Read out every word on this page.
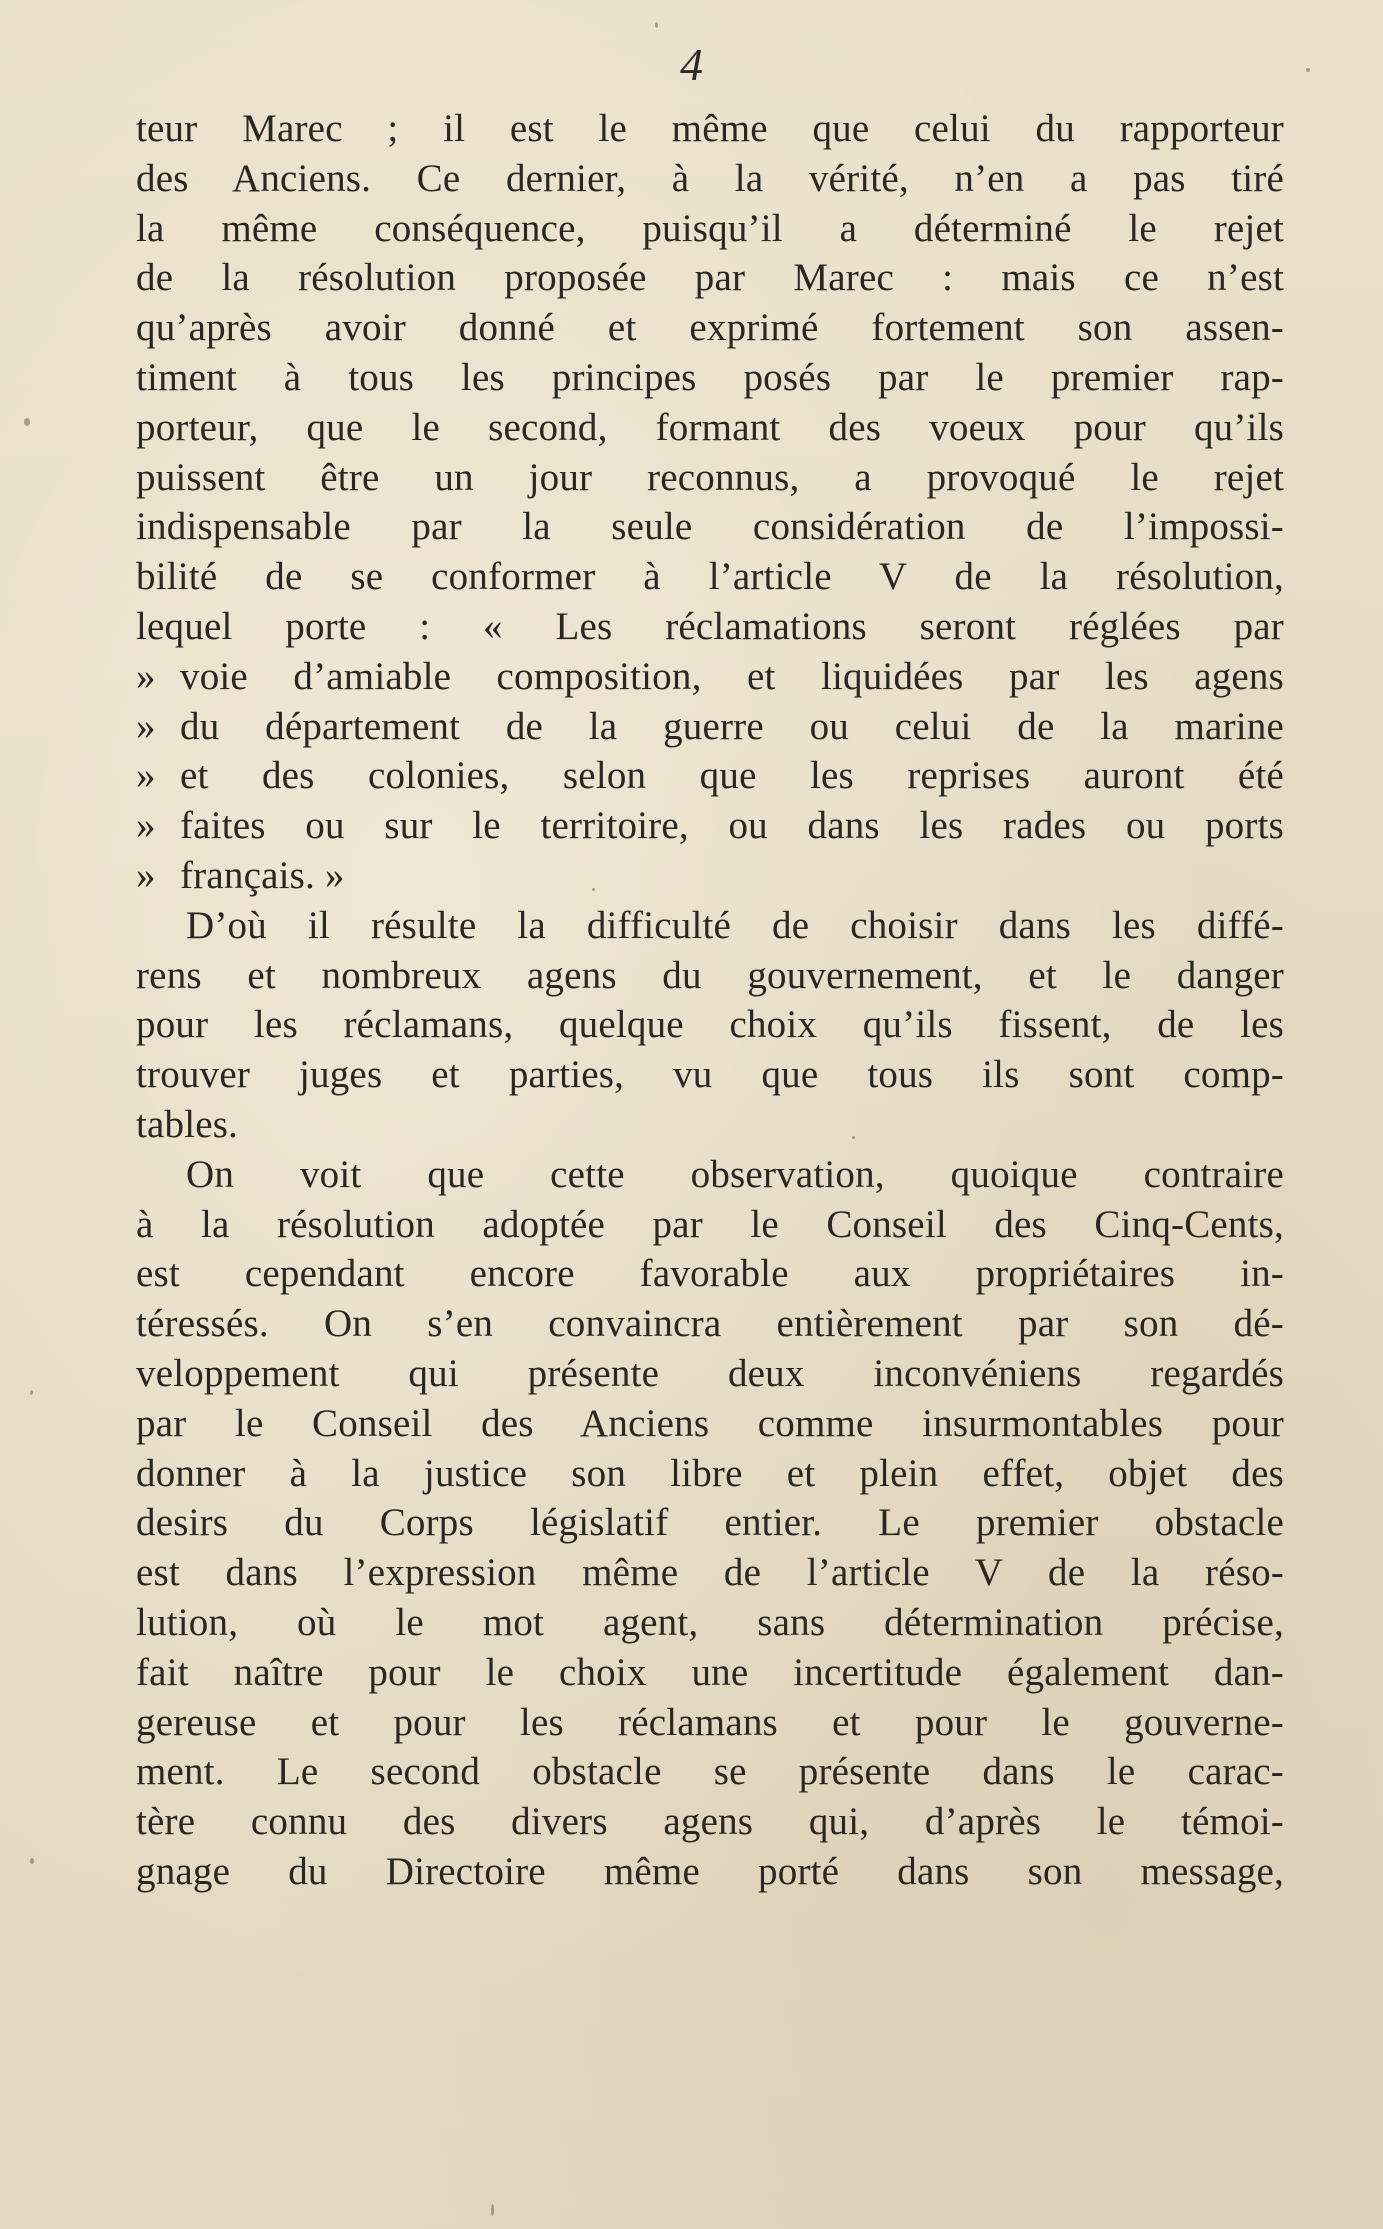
4
teur Marec ; il est le même que celui du rapporteur
des Anciens. Ce dernier, à la vérité, n’en a pas tiré
la même conséquence, puisqu’il a déterminé le rejet
de la résolution proposée par Marec : mais ce n’est
qu’après avoir donné et exprimé fortement son assen-
timent à tous les principes posés par le premier rap-
porteur, que le second, formant des voeux pour qu’ils
puissent être un jour reconnus, a provoqué le rejet
indispensable par la seule considération de l’impossi-
bilité de se conformer à l’article V de la résolution,
lequel porte : « Les réclamations seront réglées par
» voie d’amiable composition, et liquidées par les agens
» du département de la guerre ou celui de la marine
» et des colonies, selon que les reprises auront été
» faites ou sur le territoire, ou dans les rades ou ports
» français. »
D’où il résulte la difficulté de choisir dans les diffé-
rens et nombreux agens du gouvernement, et le danger
pour les réclamans, quelque choix qu’ils fissent, de les
trouver juges et parties, vu que tous ils sont comp-
tables.
On voit que cette observation, quoique contraire
à la résolution adoptée par le Conseil des Cinq-Cents,
est cependant encore favorable aux propriétaires in-
téressés. On s’en convaincra entièrement par son dé-
veloppement qui présente deux inconvéniens regardés
par le Conseil des Anciens comme insurmontables pour
donner à la justice son libre et plein effet, objet des
desirs du Corps législatif entier. Le premier obstacle
est dans l’expression même de l’article V de la réso-
lution, où le mot agent, sans détermination précise,
fait naître pour le choix une incertitude également dan-
gereuse et pour les réclamans et pour le gouverne-
ment. Le second obstacle se présente dans le carac-
tère connu des divers agens qui, d’après le témoi-
gnage du Directoire même porté dans son message,
